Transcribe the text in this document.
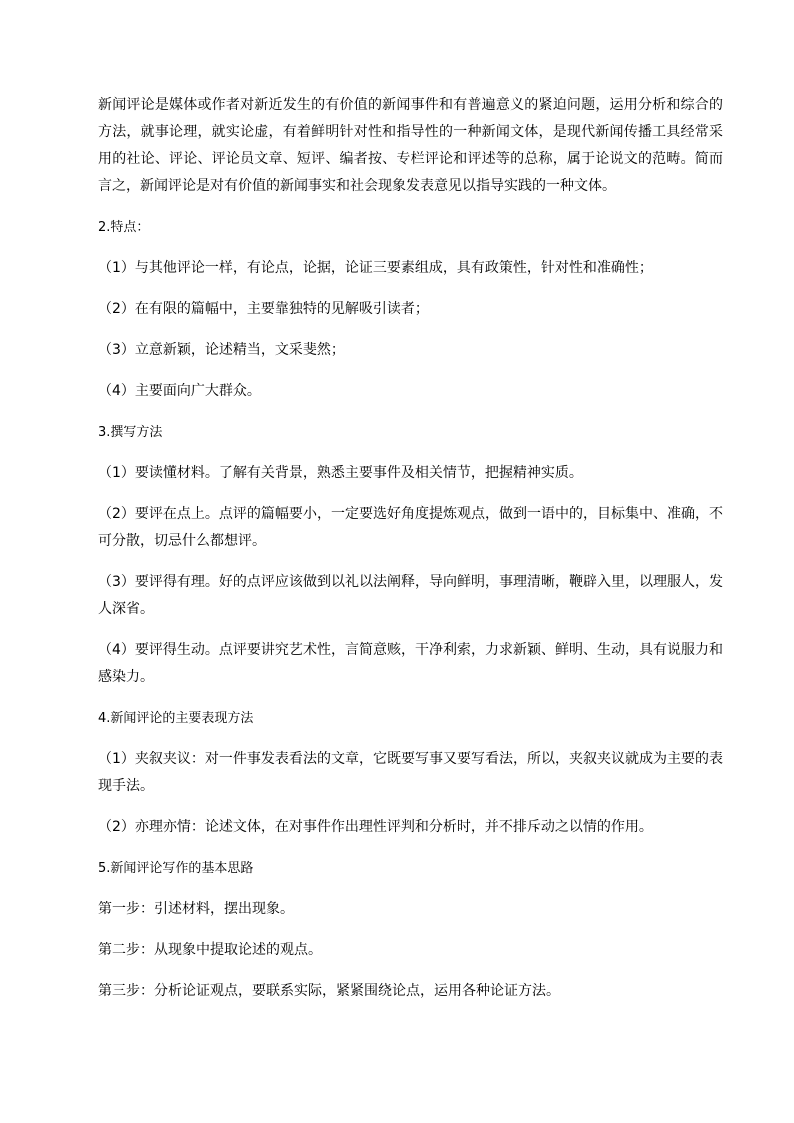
新闻评论是媒体或作者对新近发生的有价值的新闻事件和有普遍意义的紧迫问题，运用分析和综合的方法，就事论理，就实论虚，有着鲜明针对性和指导性的一种新闻文体，是现代新闻传播工具经常采用的社论、评论、评论员文章、短评、编者按、专栏评论和评述等的总称，属于论说文的范畴。简而言之，新闻评论是对有价值的新闻事实和社会现象发表意见以指导实践的一种文体。

2.特点：

（1）与其他评论一样，有论点，论据，论证三要素组成，具有政策性，针对性和准确性；

（2）在有限的篇幅中，主要靠独特的见解吸引读者；

（3）立意新颖，论述精当，文采斐然；

（4）主要面向广大群众。

3.撰写方法

（1）要读懂材料。了解有关背景，熟悉主要事件及相关情节，把握精神实质。

（2）要评在点上。点评的篇幅要小，一定要选好角度提炼观点，做到一语中的，目标集中、准确，不可分散，切忌什么都想评。

（3）要评得有理。好的点评应该做到以礼以法阐释，导向鲜明，事理清晰，鞭辟入里，以理服人，发人深省。

（4）要评得生动。点评要讲究艺术性，言简意赅，干净利索，力求新颖、鲜明、生动，具有说服力和感染力。

4.新闻评论的主要表现方法

（1）夹叙夹议：对一件事发表看法的文章，它既要写事又要写看法，所以，夹叙夹议就成为主要的表现手法。

（2）亦理亦情：论述文体，在对事件作出理性评判和分析时，并不排斥动之以情的作用。

5.新闻评论写作的基本思路

第一步：引述材料，摆出现象。

第二步：从现象中提取论述的观点。

第三步：分析论证观点，要联系实际，紧紧围绕论点，运用各种论证方法。
